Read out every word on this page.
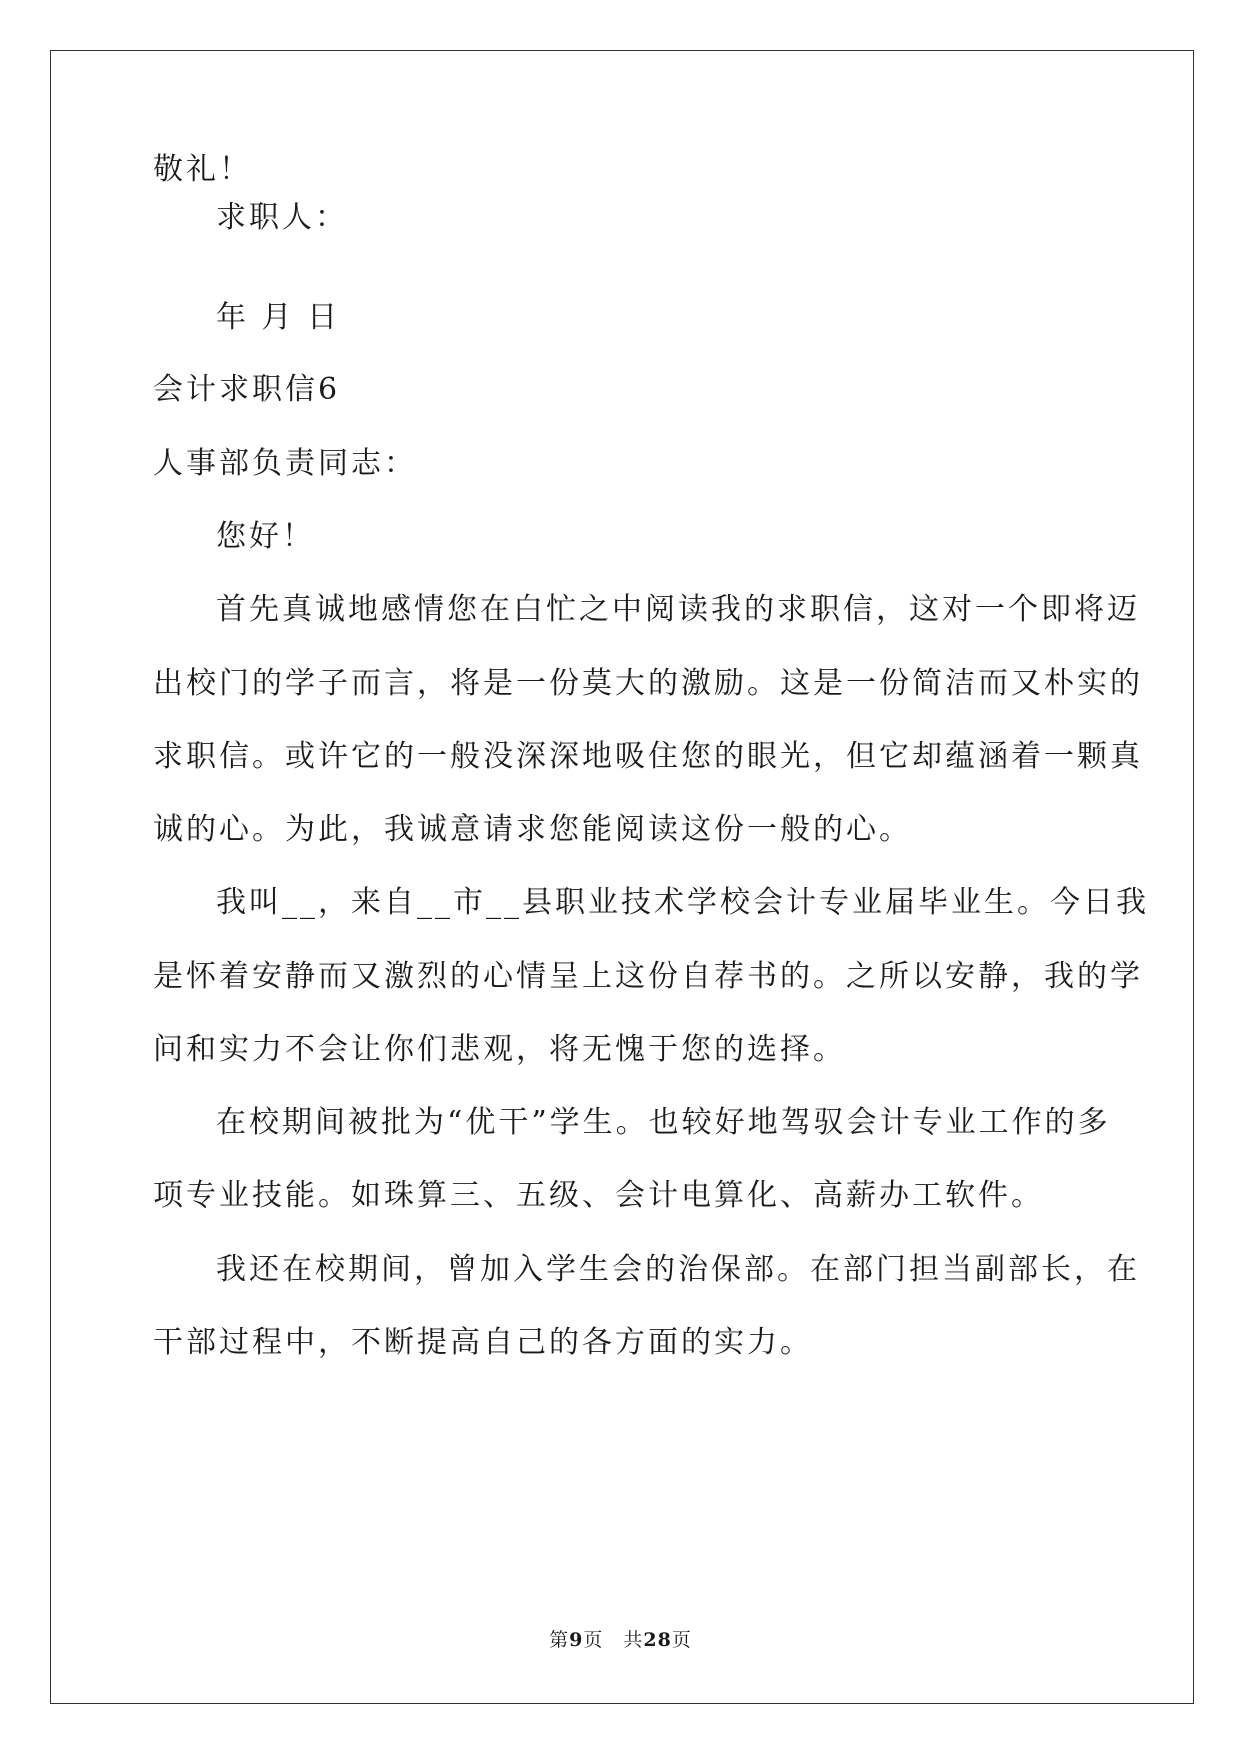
敬礼！
求职人：
年 月 日
会计求职信6
人事部负责同志：
您好！
首先真诚地感情您在白忙之中阅读我的求职信，这对一个即将迈
出校门的学子而言，将是一份莫大的激励。这是一份简洁而又朴实的
求职信。或许它的一般没深深地吸住您的眼光，但它却蕴涵着一颗真
诚的心。为此，我诚意请求您能阅读这份一般的心。
我叫__，来自__市__县职业技术学校会计专业届毕业生。今日我
是怀着安静而又激烈的心情呈上这份自荐书的。之所以安静，我的学
问和实力不会让你们悲观，将无愧于您的选择。
在校期间被批为“优干”学生。也较好地驾驭会计专业工作的多
项专业技能。如珠算三、五级、会计电算化、高薪办工软件。
我还在校期间，曾加入学生会的治保部。在部门担当副部长，在
干部过程中，不断提高自己的各方面的实力。
第9页　共28页
